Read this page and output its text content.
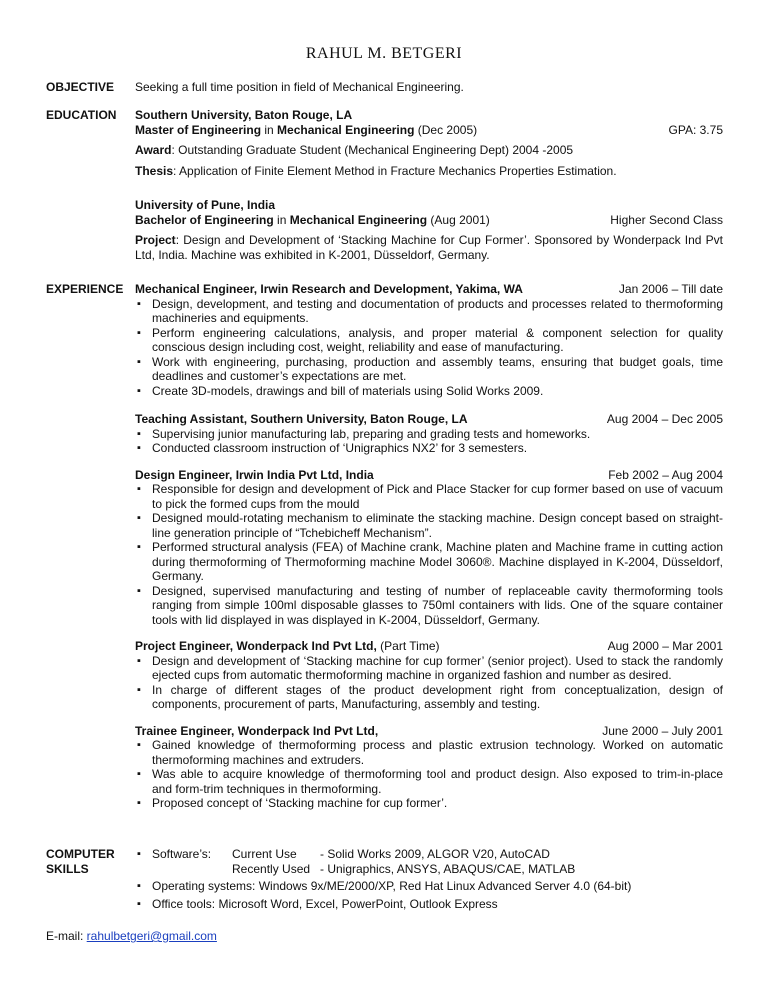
RAHUL M. BETGERI
OBJECTIVE	Seeking a full time position in field of Mechanical Engineering.
EDUCATION	Southern University, Baton Rouge, LA
Master of Engineering in Mechanical Engineering (Dec 2005)	GPA: 3.75
Award: Outstanding Graduate Student (Mechanical Engineering Dept) 2004 -2005
Thesis: Application of Finite Element Method in Fracture Mechanics Properties Estimation.
University of Pune, India
Bachelor of Engineering in Mechanical Engineering (Aug 2001)	Higher Second Class
Project: Design and Development of ‘Stacking Machine for Cup Former’. Sponsored by Wonderpack Ind Pvt Ltd, India. Machine was exhibited in K-2001, Düsseldorf, Germany.
EXPERIENCE Mechanical Engineer, Irwin Research and Development, Yakima, WA	Jan 2006 – Till date
▪ Design, development, and testing and documentation of products and processes related to thermoforming machineries and equipments.
▪ Perform engineering calculations, analysis, and proper material & component selection for quality conscious design including cost, weight, reliability and ease of manufacturing.
▪ Work with engineering, purchasing, production and assembly teams, ensuring that budget goals, time deadlines and customer’s expectations are met.
▪ Create 3D-models, drawings and bill of materials using Solid Works 2009.
Teaching Assistant, Southern University, Baton Rouge, LA	Aug 2004 – Dec 2005
▪ Supervising junior manufacturing lab, preparing and grading tests and homeworks.
▪ Conducted classroom instruction of ‘Unigraphics NX2’ for 3 semesters.
Design Engineer, Irwin India Pvt Ltd, India	Feb 2002 – Aug 2004
▪ Responsible for design and development of Pick and Place Stacker for cup former based on use of vacuum to pick the formed cups from the mould
▪ Designed mould-rotating mechanism to eliminate the stacking machine. Design concept based on straight-line generation principle of “Tchebicheff Mechanism”.
▪ Performed structural analysis (FEA) of Machine crank, Machine platen and Machine frame in cutting action during thermoforming of Thermoforming machine Model 3060®. Machine displayed in K-2004, Düsseldorf, Germany.
▪ Designed, supervised manufacturing and testing of number of replaceable cavity thermoforming tools ranging from simple 100ml disposable glasses to 750ml containers with lids. One of the square container tools with lid displayed in was displayed in K-2004, Düsseldorf, Germany.
Project Engineer, Wonderpack Ind Pvt Ltd, (Part Time)	Aug 2000 – Mar 2001
▪ Design and development of ‘Stacking machine for cup former’ (senior project). Used to stack the randomly ejected cups from automatic thermoforming machine in organized fashion and number as desired.
▪ In charge of different stages of the product development right from conceptualization, design of components, procurement of parts, Manufacturing, assembly and testing.
Trainee Engineer, Wonderpack Ind Pvt Ltd,	June 2000 – July 2001
▪ Gained knowledge of thermoforming process and plastic extrusion technology. Worked on automatic thermoforming machines and extruders.
▪ Was able to acquire knowledge of thermoforming tool and product design. Also exposed to trim-in-place and form-trim techniques in thermoforming.
▪ Proposed concept of ‘Stacking machine for cup former’.
COMPUTER
SKILLS
▪ Software’s:	Current Use	- Solid Works 2009, ALGOR V20, AutoCAD
Recently Used - Unigraphics, ANSYS, ABAQUS/CAE, MATLAB
▪ Operating systems: Windows 9x/ME/2000/XP, Red Hat Linux Advanced Server 4.0 (64-bit)
▪ Office tools: Microsoft Word, Excel, PowerPoint, Outlook Express
E-mail: rahulbetgeri@gmail.com
